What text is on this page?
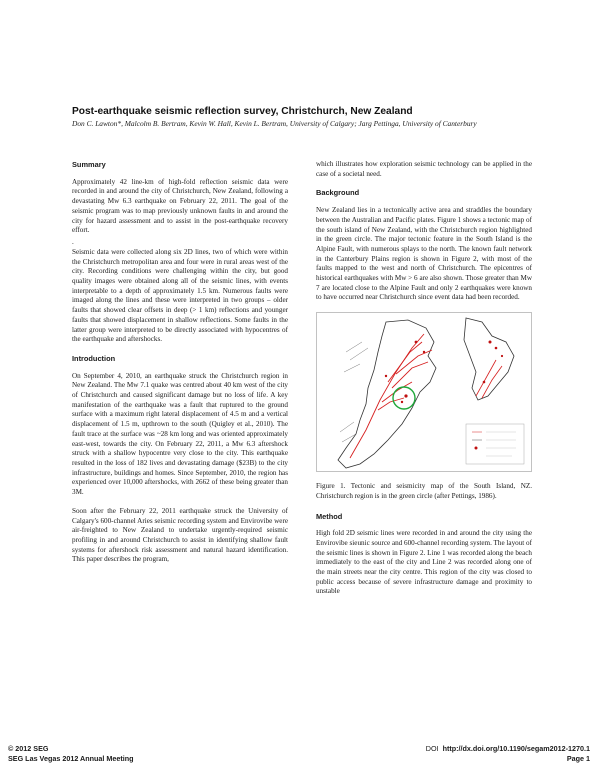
Post-earthquake seismic reflection survey, Christchurch, New Zealand
Don C. Lawton*, Malcolm B. Bertram, Kevin W. Hall, Kevin L. Bertram, University of Calgary; Jarg Pettinga, University of Canterbury
Summary

Approximately 42 line-km of high-fold reflection seismic data were recorded in and around the city of Christchurch, New Zealand, following a devastating Mw 6.3 earthquake on February 22, 2011. The goal of the seismic program was to map previously unknown faults in and around the city for hazard assessment and to assist in the post-earthquake recovery effort.

.

Seismic data were collected along six 2D lines, two of which were within the Christchurch metropolitan area and four were in rural areas west of the city. Recording conditions were challenging within the city, but good quality images were obtained along all of the seismic lines, with events interpretable to a depth of approximately 1.5 km. Numerous faults were imaged along the lines and these were interpreted in two groups – older faults that showed clear offsets in deep (> 1 km) reflections and younger faults that showed displacement in shallow reflections. Some faults in the latter group were interpreted to be directly associated with hypocentres of the earthquake and aftershocks.

Introduction

On September 4, 2010, an earthquake struck the Christchurch region in New Zealand. The Mw 7.1 quake was centred about 40 km west of the city of Christchurch and caused significant damage but no loss of life. A key manifestation of the earthquake was a fault that ruptured to the ground surface with a maximum right lateral displacement of 4.5 m and a vertical displacement of 1.5 m, upthrown to the south (Quigley et al., 2010). The fault trace at the surface was ~28 km long and was oriented approximately east-west, towards the city. On February 22, 2011, a Mw 6.3 aftershock struck with a shallow hypocentre very close to the city. This earthquake resulted in the loss of 182 lives and devastating damage ($23B) to the city infrastructure, buildings and homes. Since September, 2010, the region has experienced over 10,000 aftershocks, with 2662 of these being greater than 3M.

Soon after the February 22, 2011 earthquake struck the University of Calgary's 600-channel Aries seismic recording system and Envirovibe were air-freighted to New Zealand to undertake urgently-required seismic profiling in and around Christchurch to assist in identifying shallow fault systems for aftershock risk assessment and natural hazard identification. This paper describes the program,

which illustrates how exploration seismic technology can be applied in the case of a societal need.

Background

New Zealand lies in a tectonically active area and straddles the boundary between the Australian and Pacific plates. Figure 1 shows a tectonic map of the south island of New Zealand, with the Christchurch region highlighted in the green circle. The major tectonic feature in the South Island is the Alpine Fault, with numerous splays to the north. The known fault network in the Canterbury Plains region is shown in Figure 2, with most of the faults mapped to the west and north of Christchurch. The epicentres of historical earthquakes with Mw > 6 are also shown. Those greater than Mw 7 are located close to the Alpine Fault and only 2 earthquakes were known to have occurred near Christchurch since event data had been recorded.

Figure 1. Tectonic and seismicity map of the South Island, NZ. Christchurch region is in the green circle (after Pettings, 1986).

Method

High fold 2D seismic lines were recorded in and around the city using the Envirovibe sieunic source and 600-channel recording system. The layout of the seismic lines is shown in Figure 2. Line 1 was recorded along the beach immediately to the east of the city and Line 2 was recorded along one of the main streets near the city centre. This region of the city was closed to public access because of severe infrastructure damage and proximity to unstable

© 2012 SEG
SEG Las Vegas 2012 Annual Meeting
DOI http://dx.doi.org/10.1190/segam2012-1270.1
Page 1
